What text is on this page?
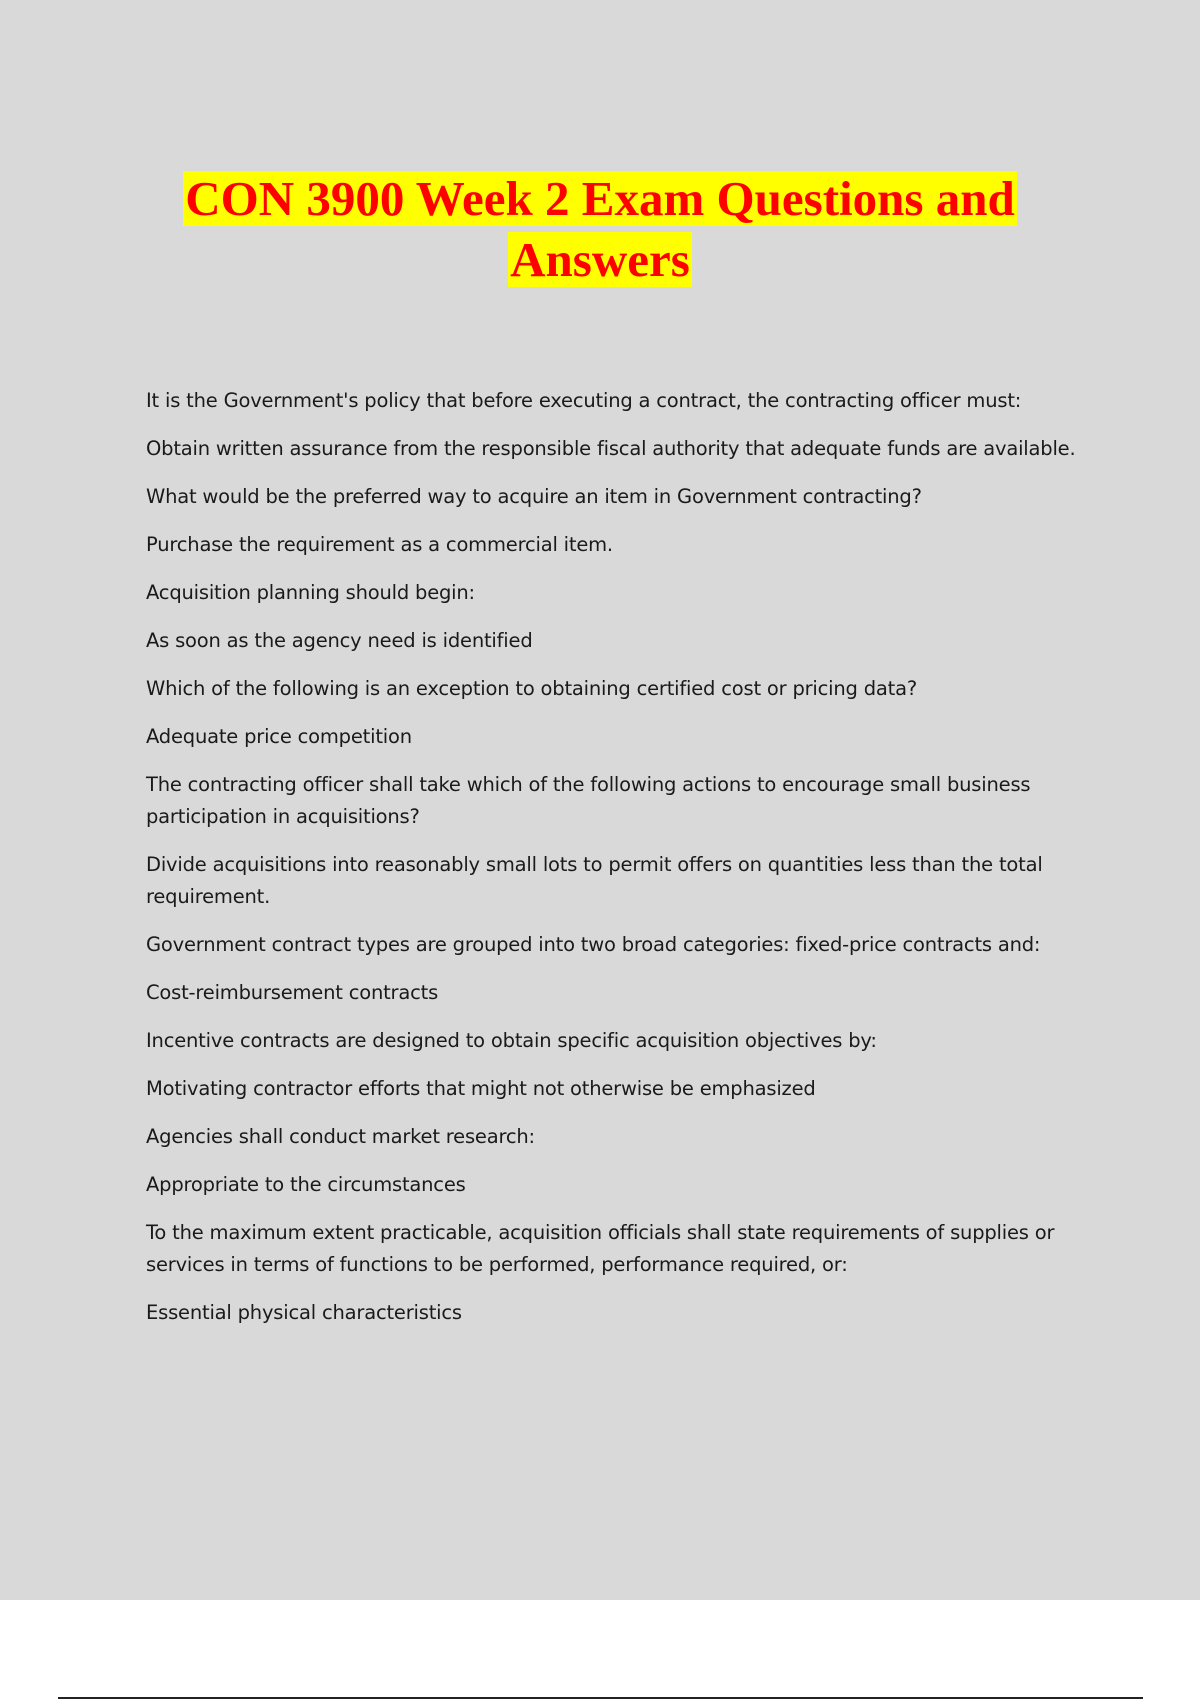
CON 3900 Week 2 Exam Questions and
Answers

It is the Government's policy that before executing a contract, the contracting officer must:

Obtain written assurance from the responsible fiscal authority that adequate funds are available.

What would be the preferred way to acquire an item in Government contracting?

Purchase the requirement as a commercial item.

Acquisition planning should begin:

As soon as the agency need is identified

Which of the following is an exception to obtaining certified cost or pricing data?

Adequate price competition

The contracting officer shall take which of the following actions to encourage small business participation in acquisitions?

Divide acquisitions into reasonably small lots to permit offers on quantities less than the total requirement.

Government contract types are grouped into two broad categories: fixed-price contracts and:

Cost-reimbursement contracts

Incentive contracts are designed to obtain specific acquisition objectives by:

Motivating contractor efforts that might not otherwise be emphasized

Agencies shall conduct market research:

Appropriate to the circumstances

To the maximum extent practicable, acquisition officials shall state requirements of supplies or services in terms of functions to be performed, performance required, or:

Essential physical characteristics
